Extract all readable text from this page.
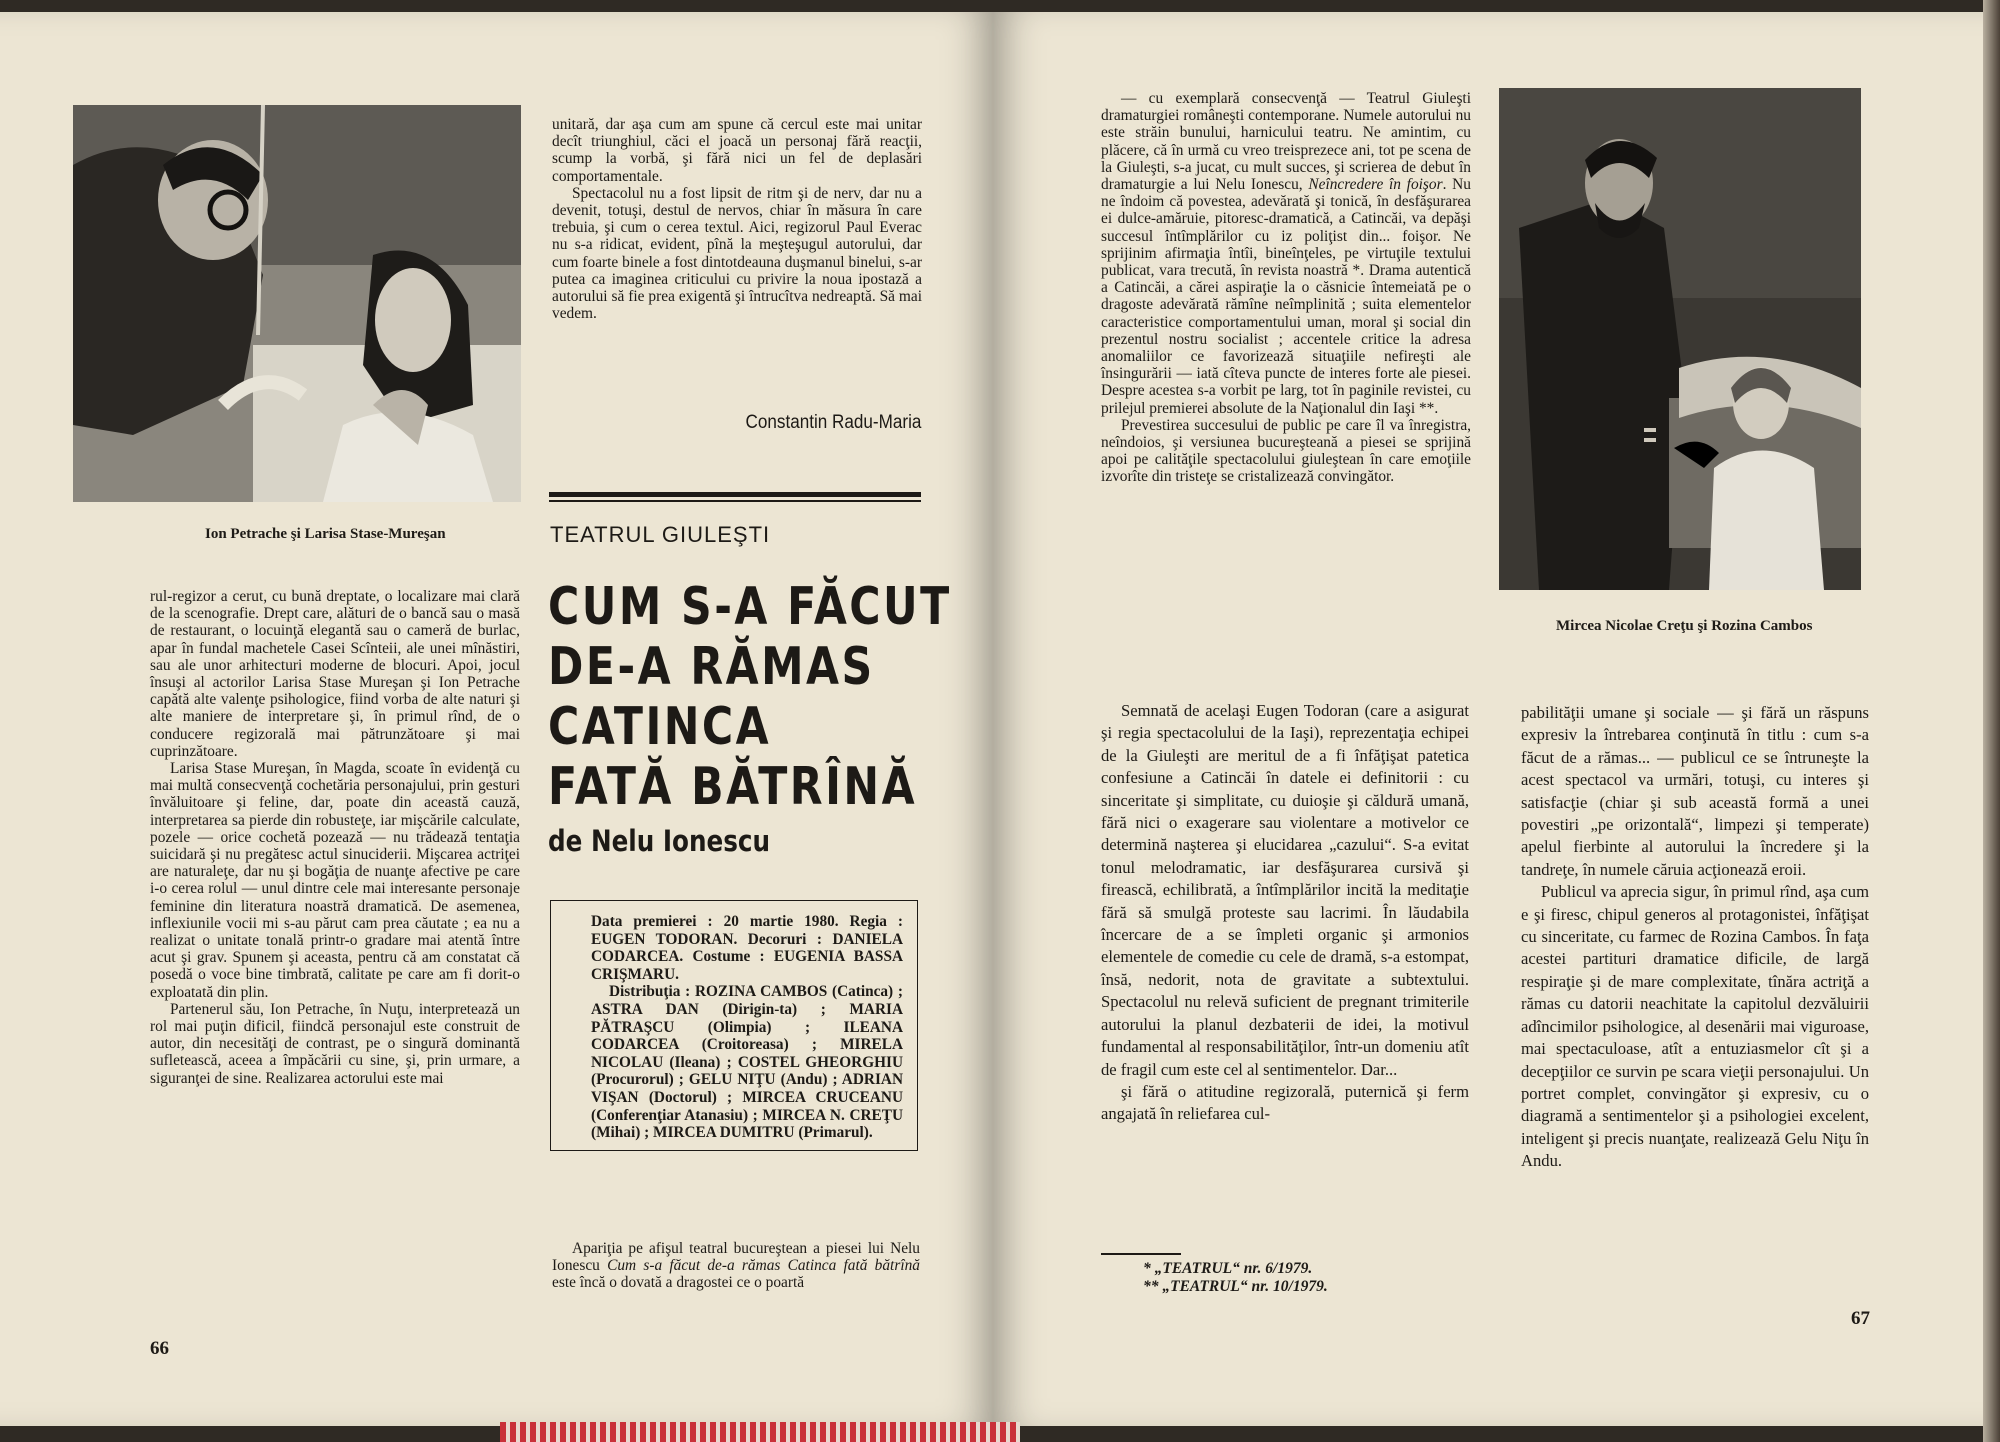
Ion Petrache şi Larisa Stase-Mureşan

rul-regizor a cerut, cu bună dreptate, o localizare mai clară de la scenografie. Drept care, alături de o bancă sau o masă de restaurant, o locuinţă elegantă sau o cameră de burlac, apar în fundal machetele Casei Scînteii, ale unei mînăstiri, sau ale unor arhitecturi moderne de blocuri. Apoi, jocul însuşi al actorilor Larisa Stase Mureşan şi Ion Petrache capătă alte valenţe psihologice, fiind vorba de alte naturi şi alte maniere de interpretare şi, în primul rînd, de o conducere regizorală mai pătrunzătoare şi mai cuprinzătoare.

Larisa Stase Mureşan, în Magda, scoate în evidenţă cu mai multă consecvenţă cochetăria personajului, prin gesturi învăluitoare şi feline, dar, poate din această cauză, interpretarea sa pierde din robusteţe, iar mişcările calculate, pozele — orice cochetă pozează — nu trădează tentaţia suicidară şi nu pregătesc actul sinuciderii. Mişcarea actriţei are naturaleţe, dar nu şi bogăţia de nuanţe afective pe care i-o cerea rolul — unul dintre cele mai interesante personaje feminine din literatura noastră dramatică. De asemenea, inflexiunile vocii mi s-au părut cam prea căutate ; ea nu a realizat o unitate tonală printr-o gradare mai atentă între acut şi grav. Spunem şi aceasta, pentru că am constatat că posedă o voce bine timbrată, calitate pe care am fi dorit-o exploatată din plin.

Partenerul său, Ion Petrache, în Nuţu, interpretează un rol mai puţin dificil, fiindcă personajul este construit de autor, din necesităţi de contrast, pe o singură dominantă sufletească, aceea a împăcării cu sine, şi, prin urmare, a siguranţei de sine. Realizarea actorului este mai

unitară, dar aşa cum am spune că cercul este mai unitar decît triunghiul, căci el joacă un personaj fără reacţii, scump la vorbă, şi fără nici un fel de deplasări comportamentale.

Spectacolul nu a fost lipsit de ritm şi de nerv, dar nu a devenit, totuşi, destul de nervos, chiar în măsura în care trebuia, şi cum o cerea textul. Aici, regizorul Paul Everac nu s-a ridicat, evident, pînă la meşteşugul autorului, dar cum foarte binele a fost dintotdeauna duşmanul binelui, s-ar putea ca imaginea criticului cu privire la noua ipostază a autorului să fie prea exigentă şi întrucîtva nedreaptă. Să mai vedem.

Constantin Radu-Maria
TEATRUL GIULEŞTI
CUM S-A FĂCUT
DE-A RĂMAS
CATINCA
FATĂ BĂTRÎNĂ
de Nelu Ionescu

Data premierei : 20 martie 1980. Regia : EUGEN TODORAN. Decoruri : DANIELA CODARCEA. Costume : EUGENIA BASSA CRIŞMARU.

Distribuţia : ROZINA CAMBOS (Catinca) ; ASTRA DAN (Dirigin-ta) ; MARIA PĂTRAŞCU (Olimpia) ; ILEANA CODARCEA (Croitoreasa) ; MIRELA NICOLAU (Ileana) ; COSTEL GHEORGHIU (Procurorul) ; GELU NIŢU (Andu) ; ADRIAN VIŞAN (Doctorul) ; MIRCEA CRUCEANU (Conferenţiar Atanasiu) ; MIRCEA N. CREŢU (Mihai) ; MIRCEA DUMITRU (Primarul).

Apariţia pe afişul teatral bucureştean a piesei lui Nelu Ionescu Cum s-a făcut de-a rămas Catinca fată bătrînă este încă o dovată a dragostei ce o poartă

66

— cu exemplară consecvenţă — Teatrul Giuleşti dramaturgiei româneşti contemporane. Numele autorului nu este străin bunului, harnicului teatru. Ne amintim, cu plăcere, că în urmă cu vreo treisprezece ani, tot pe scena de la Giuleşti, s-a jucat, cu mult succes, şi scrierea de debut în dramaturgie a lui Nelu Ionescu, Neîncredere în foişor. Nu ne îndoim că povestea, adevărată şi tonică, în desfăşurarea ei dulce-amăruie, pitoresc-dramatică, a Catincăi, va depăşi succesul întîmplărilor cu iz poliţist din... foişor. Ne sprijinim afirmaţia întîi, bineînţeles, pe virtuţile textului publicat, vara trecută, în revista noastră *. Drama autentică a Catincăi, a cărei aspiraţie la o căsnicie întemeiată pe o dragoste adevărată rămîne neîmplinită ; suita elementelor caracteristice comportamentului uman, moral şi social din prezentul nostru socialist ; accentele critice la adresa anomaliilor ce favorizează situaţiile nefireşti ale însingurării — iată cîteva puncte de interes forte ale piesei. Despre acestea s-a vorbit pe larg, tot în paginile revistei, cu prilejul premierei absolute de la Naţionalul din Iaşi **.

Prevestirea succesului de public pe care îl va înregistra, neîndoios, şi versiunea bucureşteană a piesei se sprijină apoi pe calităţile spectacolului giuleştean în care emoţiile izvorîte din tristeţe se cristalizează convingător.

Semnată de acelaşi Eugen Todoran (care a asigurat şi regia spectacolului de la Iaşi), reprezentaţia echipei de la Giuleşti are meritul de a fi înfăţişat patetica confesiune a Catincăi în datele ei definitorii : cu sinceritate şi simplitate, cu duioşie şi căldură umană, fără nici o exagerare sau violentare a motivelor ce determină naşterea şi elucidarea „cazului“. S-a evitat tonul melodramatic, iar desfăşurarea cursivă şi firească, echilibrată, a întîmplărilor incită la meditaţie fără să smulgă proteste sau lacrimi. În lăudabila încercare de a se împleti organic şi armonios elementele de comedie cu cele de dramă, s-a estompat, însă, nedorit, nota de gravitate a subtextului. Spectacolul nu relevă suficient de pregnant trimiterile autorului la planul dezbaterii de idei, la motivul fundamental al responsabilităţilor, într-un domeniu atît de fragil cum este cel al sentimentelor. Dar...

şi fără o atitudine regizorală, puternică şi ferm angajată în reliefarea cul-

* „TEATRUL“ nr. 6/1979.
** „TEATRUL“ nr. 10/1979.
Mircea Nicolae Creţu şi Rozina Cambos

pabilităţii umane şi sociale — şi fără un răspuns expresiv la întrebarea conţinută în titlu : cum s-a făcut de a rămas... — publicul ce se întruneşte la acest spectacol va urmări, totuşi, cu interes şi satisfacţie (chiar şi sub această formă a unei povestiri „pe orizontală“, limpezi şi temperate) apelul fierbinte al autorului la încredere şi la tandreţe, în numele căruia acţionează eroii.

Publicul va aprecia sigur, în primul rînd, aşa cum e şi firesc, chipul generos al protagonistei, înfăţişat cu sinceritate, cu farmec de Rozina Cambos. În faţa acestei partituri dramatice dificile, de largă respiraţie şi de mare complexitate, tînăra actriţă a rămas cu datorii neachitate la capitolul dezvăluirii adîncimilor psihologice, al desenării mai viguroase, mai spectaculoase, atît a entuziasmelor cît şi a decepţiilor ce survin pe scara vieţii personajului. Un portret complet, convingător şi expresiv, cu o diagramă a sentimentelor şi a psihologiei excelent, inteligent şi precis nuanţate, realizează Gelu Niţu în Andu.

67
